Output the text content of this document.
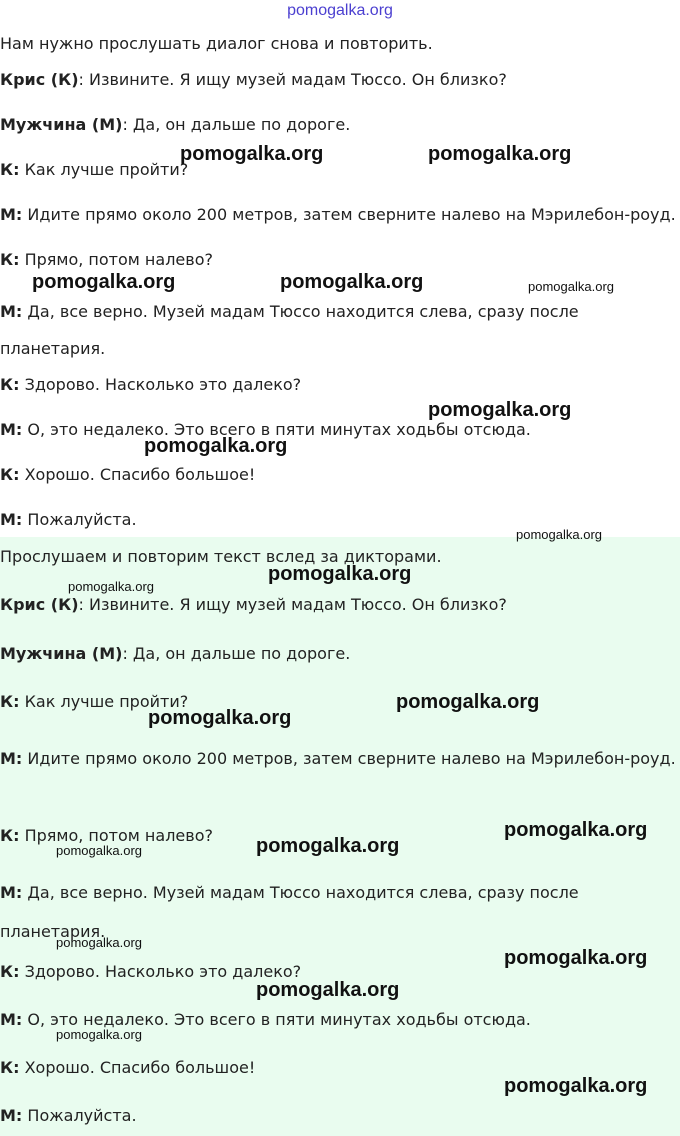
Нам нужно прослушать диалог снова и повторить.
Крис (К): Извините. Я ищу музей мадам Тюссо. Он близко?
Мужчина (М): Да, он дальше по дороге.
К: Как лучше пройти?
М: Идите прямо около 200 метров, затем сверните налево на Мэрилебон-роуд.
К: Прямо, потом налево?
М: Да, все верно. Музей мадам Тюссо находится слева, сразу после планетария.
К: Здорово. Насколько это далеко?
М: О, это недалеко. Это всего в пяти минутах ходьбы отсюда.
К: Хорошо. Спасибо большое!
М: Пожалуйста.
Прослушаем и повторим текст вслед за дикторами.
Крис (К): Извините. Я ищу музей мадам Тюссо. Он близко?
Мужчина (М): Да, он дальше по дороге.
К: Как лучше пройти?
М: Идите прямо около 200 метров, затем сверните налево на Мэрилебон-роуд.
К: Прямо, потом налево?
М: Да, все верно. Музей мадам Тюссо находится слева, сразу после планетария.
К: Здорово. Насколько это далеко?
М: О, это недалеко. Это всего в пяти минутах ходьбы отсюда.
К: Хорошо. Спасибо большое!
М: Пожалуйста.
pomogalka.org
pomogalka.org	pomogalka.org
pomogalka.org	pomogalka.org	pomogalka.org
pomogalka.org
pomogalka.org
pomogalka.org
pomogalka.org
pomogalka.org
pomogalka.org
pomogalka.org
pomogalka.org
pomogalka.org
pomogalka.org
pomogalka.org
pomogalka.org
pomogalka.org
pomogalka.org
pomogalka.org
